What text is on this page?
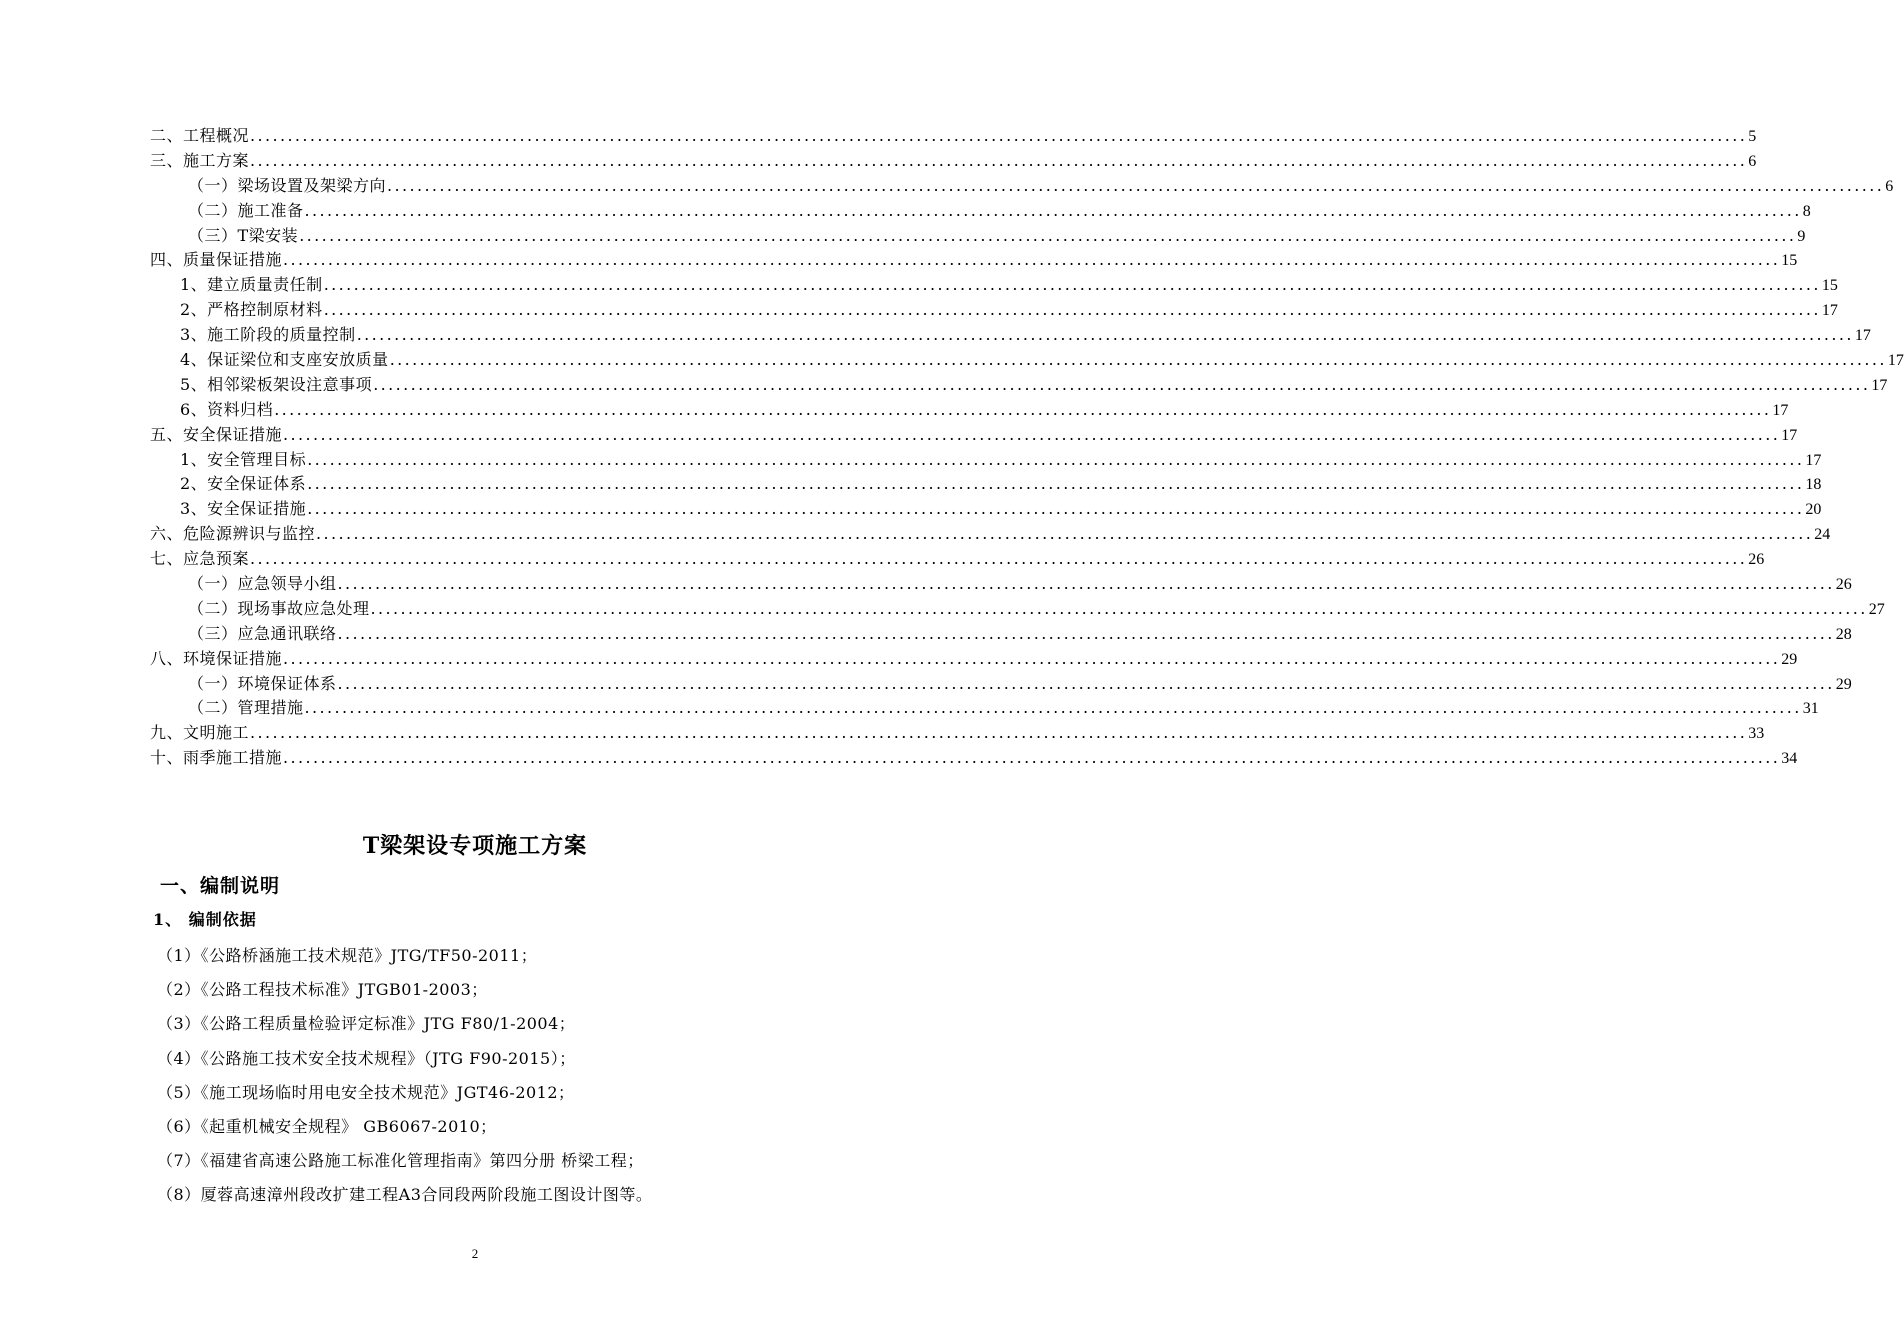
二、工程概况 ........................................................................................................................................................................................................ 5
三、施工方案 ........................................................................................................................................................................................................ 6
（一）梁场设置及架梁方向 ........................................................................................................................................................................................................ 6
（二）施工准备 ........................................................................................................................................................................................................ 8
（三）T梁安装 ........................................................................................................................................................................................................ 9
四、质量保证措施 ........................................................................................................................................................................................................ 15
1、建立质量责任制 ........................................................................................................................................................................................................ 15
2、严格控制原材料 ........................................................................................................................................................................................................ 17
3、施工阶段的质量控制 ........................................................................................................................................................................................................ 17
4、保证梁位和支座安放质量 ........................................................................................................................................................................................................ 17
5、相邻梁板架设注意事项 ........................................................................................................................................................................................................ 17
6、资料归档 ........................................................................................................................................................................................................ 17
五、安全保证措施 ........................................................................................................................................................................................................ 17
1、安全管理目标 ........................................................................................................................................................................................................ 17
2、安全保证体系 ........................................................................................................................................................................................................ 18
3、安全保证措施 ........................................................................................................................................................................................................ 20
六、危险源辨识与监控 ........................................................................................................................................................................................................ 24
七、应急预案 ........................................................................................................................................................................................................ 26
（一）应急领导小组 ........................................................................................................................................................................................................ 26
（二）现场事故应急处理 ........................................................................................................................................................................................................ 27
（三）应急通讯联络 ........................................................................................................................................................................................................ 28
八、环境保证措施 ........................................................................................................................................................................................................ 29
（一）环境保证体系 ........................................................................................................................................................................................................ 29
（二）管理措施 ........................................................................................................................................................................................................ 31
九、文明施工 ........................................................................................................................................................................................................ 33
十、雨季施工措施 ........................................................................................................................................................................................................ 34
T梁架设专项施工方案
一、编制说明
1、 编制依据
（1）《公路桥涵施工技术规范》JTG/TF50-2011；
（2）《公路工程技术标准》JTGB01-2003；
（3）《公路工程质量检验评定标准》JTG F80/1-2004；
（4）《公路施工技术安全技术规程》（JTG F90-2015）；
（5）《施工现场临时用电安全技术规范》JGT46-2012；
（6）《起重机械安全规程》 GB6067-2010；
（7）《福建省高速公路施工标准化管理指南》第四分册 桥梁工程；
（8）厦蓉高速漳州段改扩建工程A3合同段两阶段施工图设计图等。
2
